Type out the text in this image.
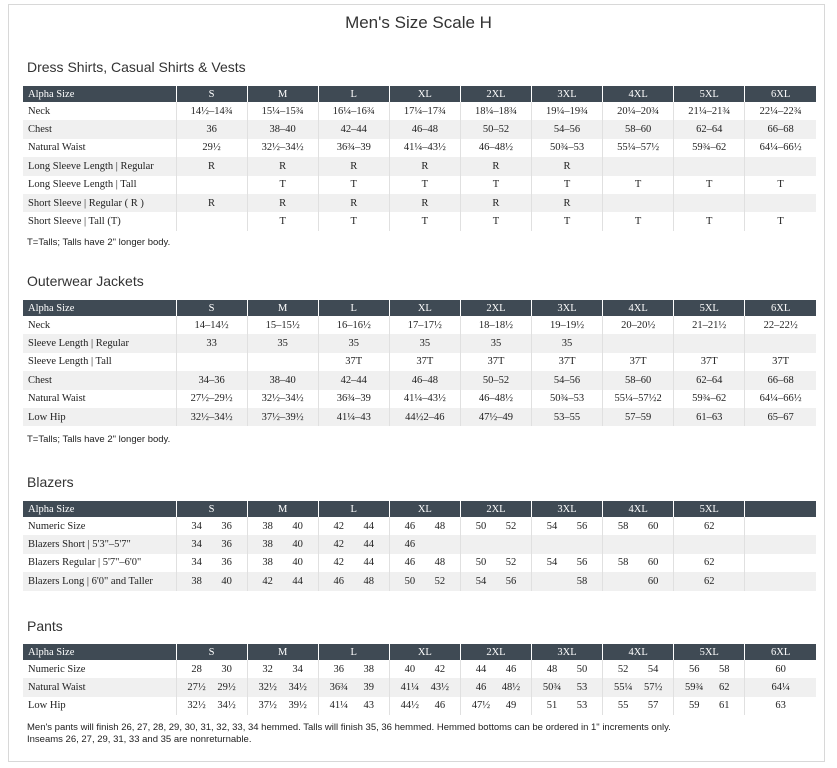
Men's Size Scale H
Dress Shirts, Casual Shirts & Vests
Alpha Size	S	M	L	XL	2XL	3XL	4XL	5XL	6XL
Neck	14½–14¾	15¼–15¾	16¼–16¾	17¼–17¾	18¼–18¾	19¼–19¾	20¼–20¾	21¼–21¾	22¼–22¾
Chest	36	38–40	42–44	46–48	50–52	54–56	58–60	62–64	66–68
Natural Waist	29½	32½–34½	36¾–39	41¼–43½	46–48½	50¾–53	55¼–57½	59¾–62	64¼–66½
Long Sleeve Length | Regular	R	R	R	R	R	R			
Long Sleeve Length | Tall		T	T	T	T	T	T	T	T
Short Sleeve | Regular ( R )	R	R	R	R	R	R			
Short Sleeve | Tall (T)		T	T	T	T	T	T	T	T
T=Talls; Talls have 2" longer body.
Outerwear Jackets
Alpha Size	S	M	L	XL	2XL	3XL	4XL	5XL	6XL
Neck	14–14½	15–15½	16–16½	17–17½	18–18½	19–19½	20–20½	21–21½	22–22½
Sleeve Length | Regular	33	35	35	35	35	35			
Sleeve Length | Tall			37T	37T	37T	37T	37T	37T	37T
Chest	34–36	38–40	42–44	46–48	50–52	54–56	58–60	62–64	66–68
Natural Waist	27½–29½	32½–34½	36¾–39	41¼–43½	46–48½	50¾–53	55¼–57½2	59¾–62	64¼–66½
Low Hip	32½–34½	37½–39½	41¼–43	44½2–46	47½–49	53–55	57–59	61–63	65–67
T=Talls; Talls have 2" longer body.
Blazers
Alpha Size	S	M	L	XL	2XL	3XL	4XL	5XL	
Numeric Size	34 36	38 40	42 44	46 48	50 52	54 56	58 60	62	

Blazers Short | 5'3"–5'7"	34 36	38 40	42 44	46					

Blazers Regular | 5'7"–6'0"	34 36	38 40	42 44	46 48	50 52	54 56	58 60	62	

Blazers Long | 6'0" and Taller	38 40	42 44	46 48	50 52	54 56	58	60	62	

Pants
Alpha Size	S	M	L	XL	2XL	3XL	4XL	5XL	6XL
Numeric Size	28 30	32 34	36 38	40 42	44 46	48 50	52 54	56 58	60

Natural Waist	27½ 29½	32½ 34½	36¾ 39	41¼ 43½	46 48½	50¾ 53	55¼ 57½	59¾ 62	64¼

Low Hip	32½ 34½	37½ 39½	41¼ 43	44½ 46	47½ 49	51 53	55 57	59 61	63
Men's pants will finish 26, 27, 28, 29, 30, 31, 32, 33, 34 hemmed. Talls will finish 35, 36 hemmed. Hemmed bottoms can be ordered in 1" increments only.
Inseams 26, 27, 29, 31, 33 and 35 are nonreturnable.
